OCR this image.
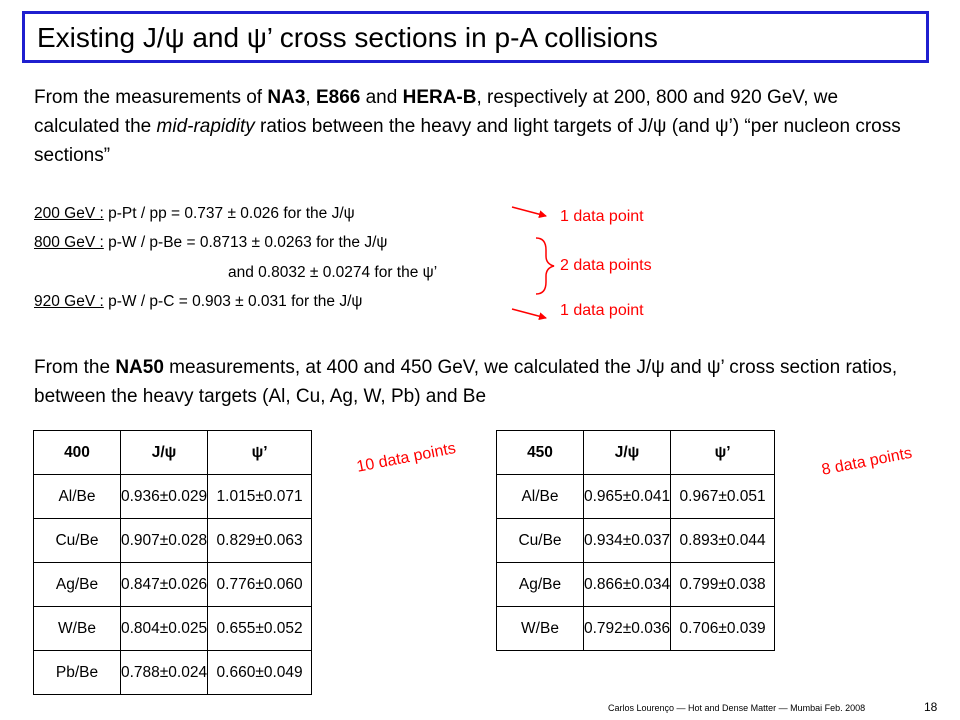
Existing J/ψ and ψ’ cross sections in p-A collisions
From the measurements of NA3, E866 and HERA-B, respectively at 200, 800 and 920 GeV, we calculated the mid-rapidity ratios between the heavy and light targets of J/ψ (and ψ’) “per nucleon cross sections”
200 GeV : p-Pt / pp = 0.737 ± 0.026 for the J/ψ
800 GeV : p-W / p-Be = 0.8713 ± 0.0263 for the J/ψ
and 0.8032 ± 0.0274 for the ψ’
920 GeV : p-W / p-C = 0.903 ± 0.031 for the J/ψ
1 data point
2 data points
1 data point
From the NA50 measurements, at 400 and 450 GeV, we calculated the J/ψ and ψ’ cross section ratios, between the heavy targets (Al, Cu, Ag, W, Pb) and Be
400	J/ψ	ψ’
Al/Be	0.936±0.029	1.015±0.071
Cu/Be	0.907±0.028	0.829±0.063
Ag/Be	0.847±0.026	0.776±0.060
W/Be	0.804±0.025	0.655±0.052
Pb/Be	0.788±0.024	0.660±0.049
450	J/ψ	ψ’
Al/Be	0.965±0.041	0.967±0.051
Cu/Be	0.934±0.037	0.893±0.044
Ag/Be	0.866±0.034	0.799±0.038
W/Be	0.792±0.036	0.706±0.039
10 data points	8 data points
Carlos Lourenço — Hot and Dense Matter — Mumbai Feb. 2008	18
